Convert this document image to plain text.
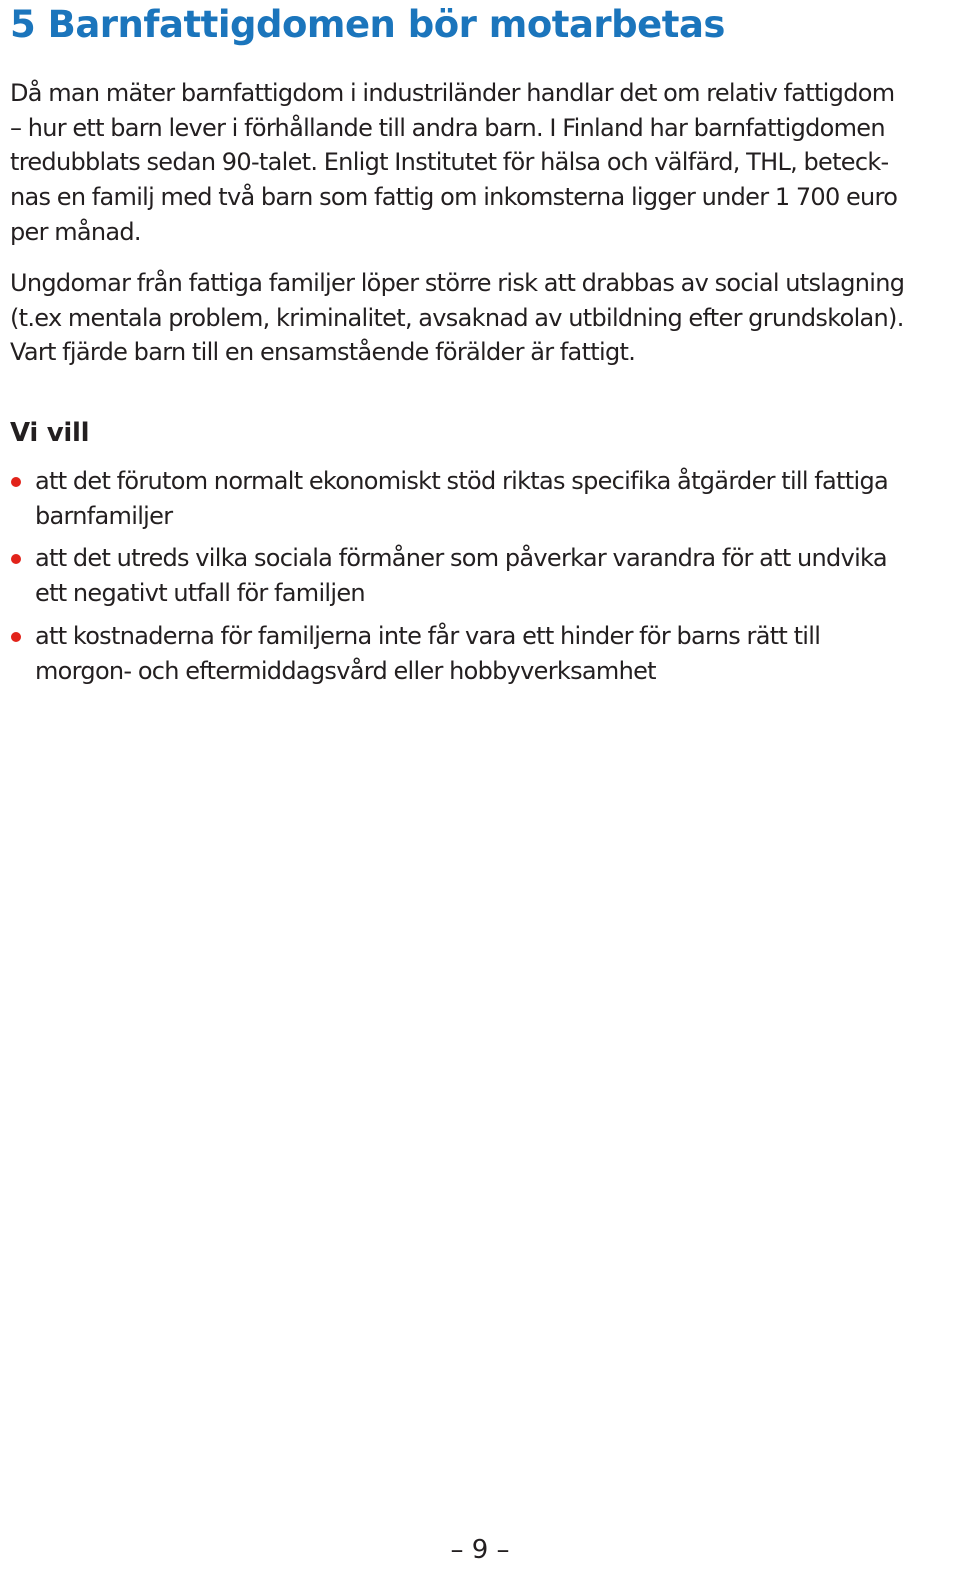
5 Barnfattigdomen bör motarbetas

Då man mäter barnfattigdom i industriländer handlar det om relativ fattigdom
– hur ett barn lever i förhållande till andra barn. I Finland har barnfattigdomen
tredubblats sedan 90-talet. Enligt Institutet för hälsa och välfärd, THL, beteck-
nas en familj med två barn som fattig om inkomsterna ligger under 1 700 euro
per månad.

Ungdomar från fattiga familjer löper större risk att drabbas av social utslagning
(t.ex mentala problem, kriminalitet, avsaknad av utbildning efter grundskolan).
Vart fjärde barn till en ensamstående förälder är fattigt.

Vi vill
att det förutom normalt ekonomiskt stöd riktas specifika åtgärder till fattiga
barnfamiljer
att det utreds vilka sociala förmåner som påverkar varandra för att undvika
ett negativt utfall för familjen
att kostnaderna för familjerna inte får vara ett hinder för barns rätt till
morgon- och eftermiddagsvård eller hobbyverksamhet
– 9 –
